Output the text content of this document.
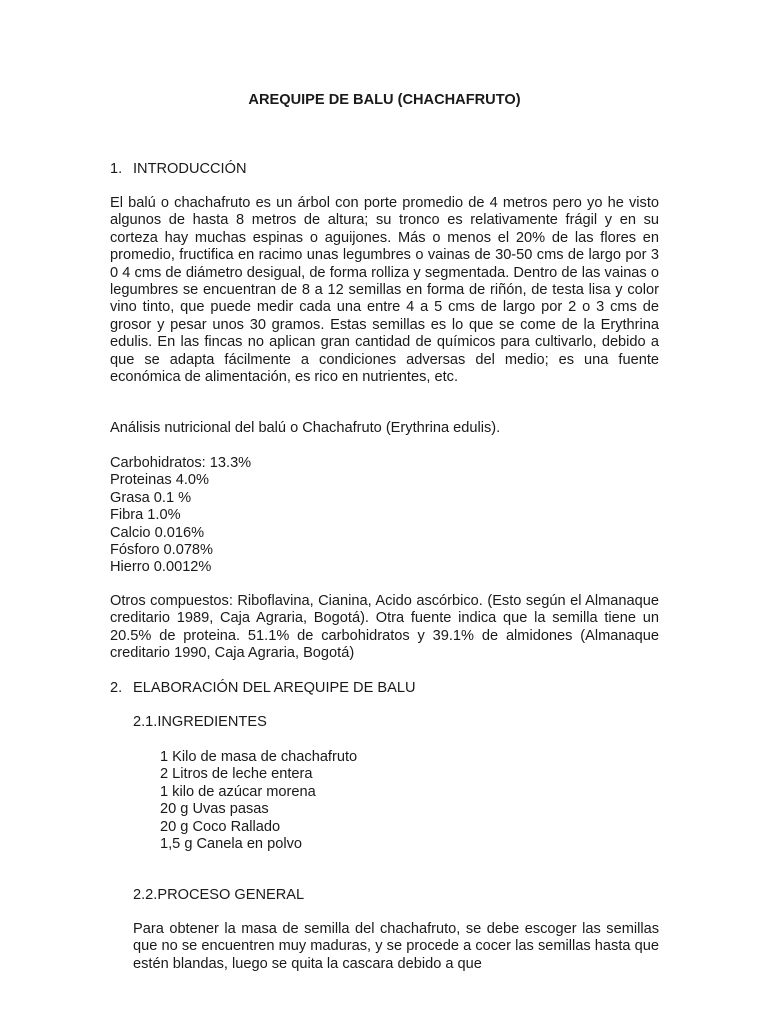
AREQUIPE DE BALU (CHACHAFRUTO)
1. INTRODUCCIÓN

El balú o chachafruto es un árbol con porte promedio de 4 metros pero yo he visto algunos de hasta 8 metros de altura; su tronco es relativamente frágil y en su corteza hay muchas espinas o aguijones. Más o menos el 20% de las flores en promedio, fructifica en racimo unas legumbres o vainas de 30-50 cms de largo por 3 0 4 cms de diámetro desigual, de forma rolliza y segmentada. Dentro de las vainas o legumbres se encuentran de 8 a 12 semillas en forma de riñón, de testa lisa y color vino tinto, que puede medir cada una entre 4 a 5 cms de largo por 2 o 3 cms de grosor y pesar unos 30 gramos. Estas semillas es lo que se come de la Erythrina edulis. En las fincas no aplican gran cantidad de químicos para cultivarlo, debido a que se adapta fácilmente a condiciones adversas del medio; es una fuente económica de alimentación, es rico en nutrientes, etc.

Análisis nutricional del balú o Chachafruto (Erythrina edulis).

Carbohidratos: 13.3%
Proteinas 4.0%
Grasa 0.1 %
Fibra 1.0%
Calcio 0.016%
Fósforo 0.078%
Hierro 0.0012%

Otros compuestos: Riboflavina, Cianina, Acido ascórbico. (Esto según el Almanaque creditario 1989, Caja Agraria, Bogotá). Otra fuente indica que la semilla tiene un 20.5% de proteina. 51.1% de carbohidratos y 39.1% de almidones (Almanaque creditario 1990, Caja Agraria, Bogotá)

2. ELABORACIÓN DEL AREQUIPE DE BALU
2.1.INGREDIENTES
1 Kilo de masa de chachafruto
2 Litros de leche entera
1 kilo de azúcar morena
20 g Uvas pasas
20 g Coco Rallado
1,5 g Canela en polvo
2.2.PROCESO GENERAL

Para obtener la masa de semilla del chachafruto, se debe escoger las semillas que no se encuentren muy maduras, y se procede a cocer las semillas hasta que estén blandas, luego se quita la cascara debido a que
